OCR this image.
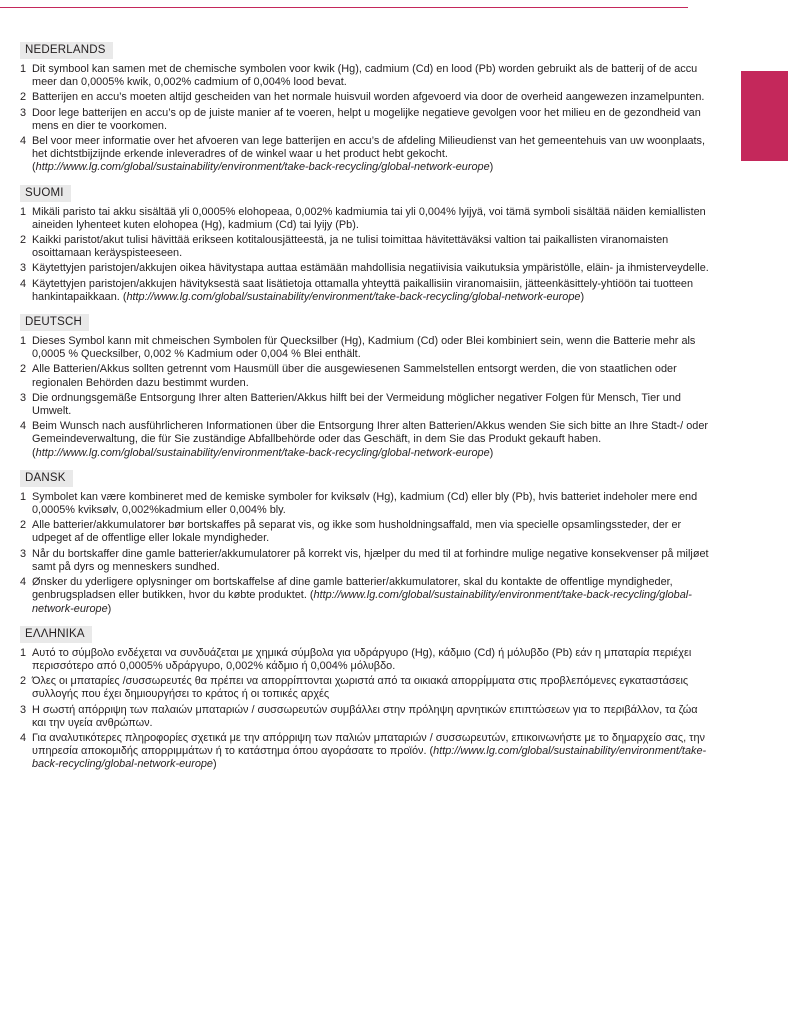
NEDERLANDS
1 Dit symbool kan samen met de chemische symbolen voor kwik (Hg), cadmium (Cd) en lood (Pb) worden gebruikt als de batterij of de accu meer dan 0,0005% kwik, 0,002% cadmium of 0,004% lood bevat.
2 Batterijen en accu’s moeten altijd gescheiden van het normale huisvuil worden afgevoerd via door de overheid aangewezen inzamelpunten.
3 Door lege batterijen en accu’s op de juiste manier af te voeren, helpt u mogelijke negatieve gevolgen voor het milieu en de gezondheid van mens en dier te voorkomen.
4 Bel voor meer informatie over het afvoeren van lege batterijen en accu’s de afdeling Milieudienst van het gemeentehuis van uw woonplaats, het dichtstbijzijnde erkende inleveradres of de winkel waar u het product hebt gekocht. (http://www.lg.com/global/sustainability/environment/take-back-recycling/global-network-europe)
SUOMI
1 Mikäli paristo tai akku sisältää yli 0,0005% elohopeaa, 0,002% kadmiumia tai yli 0,004% lyijyä, voi tämä symboli sisältää näiden kemiallisten aineiden lyhenteet kuten elohopea (Hg), kadmium (Cd) tai lyijy (Pb).
2 Kaikki paristot/akut tulisi hävittää erikseen kotitalousjätteestä, ja ne tulisi toimittaa hävitettäväksi valtion tai paikallisten viranomaisten osoittamaan keräyspisteeseen.
3 Käytettyjen paristojen/akkujen oikea hävitystapa auttaa estämään mahdollisia negatiivisia vaikutuksia ympäristölle, eläin- ja ihmisterveydelle.
4 Käytettyjen paristojen/akkujen hävityksestä saat lisätietoja ottamalla yhteyttä paikallisiin viranomaisiin, jätteenkäsittely-yhtiöön tai tuotteen hankintapaikkaan. (http://www.lg.com/global/sustainability/environment/take-back-recycling/global-network-europe)
DEUTSCH
1 Dieses Symbol kann mit chmeischen Symbolen für Quecksilber (Hg), Kadmium (Cd) oder Blei kombiniert sein, wenn die Batterie mehr als 0,0005 % Quecksilber, 0,002 % Kadmium oder 0,004 % Blei enthält.
2 Alle Batterien/Akkus sollten getrennt vom Hausmüll über die ausgewiesenen Sammelstellen entsorgt werden, die von staatlichen oder regionalen Behörden dazu bestimmt wurden.
3 Die ordnungsgemäße Entsorgung Ihrer alten Batterien/Akkus hilft bei der Vermeidung möglicher negativer Folgen für Mensch, Tier und Umwelt.
4 Beim Wunsch nach ausführlicheren Informationen über die Entsorgung Ihrer alten Batterien/Akkus wenden Sie sich bitte an Ihre Stadt-/ oder Gemeindeverwaltung, die für Sie zuständige Abfallbehörde oder das Geschäft, in dem Sie das Produkt gekauft haben. (http://www.lg.com/global/sustainability/environment/take-back-recycling/global-network-europe)
DANSK
1 Symbolet kan være kombineret med de kemiske symboler for kviksølv (Hg), kadmium (Cd) eller bly (Pb), hvis batteriet indeholer mere end 0,0005% kviksølv, 0,002%kadmium eller 0,004% bly.
2 Alle batterier/akkumulatorer bør bortskaffes på separat vis, og ikke som husholdningsaffald, men via specielle opsamlingssteder, der er udpeget af de offentlige eller lokale myndigheder.
3 Når du bortskaffer dine gamle batterier/akkumulatorer på korrekt vis, hjælper du med til at forhindre mulige negative konsekvenser på miljøet samt på dyrs og menneskers sundhed.
4 Ønsker du yderligere oplysninger om bortskaffelse af dine gamle batterier/akkumulatorer, skal du kontakte de offentlige myndigheder, genbrugspladsen eller butikken, hvor du købte produktet. (http://www.lg.com/global/sustainability/environment/take-back-recycling/global-network-europe)
ΕΛΛΗΝΙΚΑ
1 Αυτό το σύμβολο ενδέχεται να συνδυάζεται με χημικά σύμβολα για υδράργυρο (Hg), κάδμιο (Cd) ή μόλυβδο (Pb) εάν η μπαταρία περιέχει περισσότερο από 0,0005% υδράργυρο, 0,002% κάδμιο ή 0,004% μόλυβδο.
2 Όλες οι μπαταρίες /συσσωρευτές θα πρέπει να απορρίπτονται χωριστά από τα οικιακά απορρίμματα στις προβλεπόμενες εγκαταστάσεις συλλογής που έχει δημιουργήσει το κράτος ή οι τοπικές αρχές
3 Η σωστή απόρριψη των παλαιών μπαταριών / συσσωρευτών συμβάλλει στην πρόληψη αρνητικών επιπτώσεων για το περιβάλλον, τα ζώα και την υγεία ανθρώπων.
4 Για αναλυτικότερες πληροφορίες σχετικά με την απόρριψη των παλιών μπαταριών / συσσωρευτών, επικοινωνήστε με το δημαρχείο σας, την υπηρεσία αποκομιδής απορριμμάτων ή το κατάστημα όπου αγοράσατε το προϊόν. (http://www.lg.com/global/sustainability/environment/take-back-recycling/global-network-europe)
